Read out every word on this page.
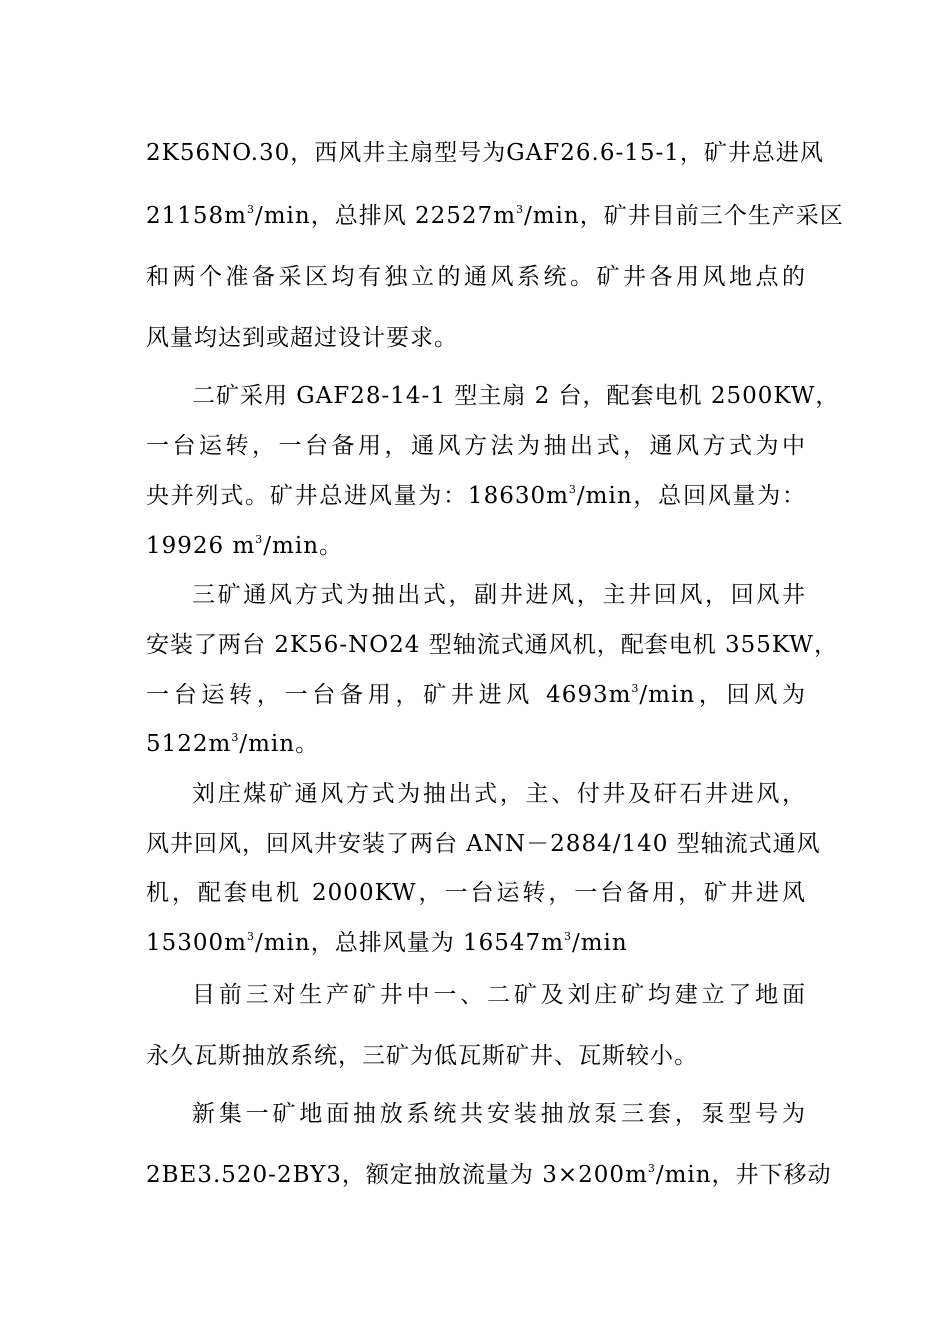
2K56NO.30，西风井主扇型号为GAF26.6-15-1，矿井总进风
$21158m^3/\min$，总排风 $22527m^3/\min$，矿井目前三个生产采区
和两个准备采区均有独立的通风系统。矿井各用风地点的
风量均达到或超过设计要求。
二矿采用 GAF28-14-1 型主扇 2 台，配套电机 2500KW，
一台运转，一台备用，通风方法为抽出式，通风方式为中
央并列式。矿井总进风量为：$18630m^3/\min$，总回风量为：
19926 $m^3/\min$。
三矿通风方式为抽出式，副井进风，主井回风，回风井
安装了两台 2K56-NO24 型轴流式通风机，配套电机 355KW，
一台运转，一台备用，矿井进风 $4693m^3/\min$，回风为
$5122m^3/\min$。
刘庄煤矿通风方式为抽出式，主、付井及矸石井进风，
风井回风，回风井安装了两台 ANN－2884/140 型轴流式通风
机，配套电机 2000KW，一台运转，一台备用，矿井进风
$15300m^3/\min$，总排风量为 $16547m^3/\min$
目前三对生产矿井中一、二矿及刘庄矿均建立了地面
永久瓦斯抽放系统，三矿为低瓦斯矿井、瓦斯较小。
新集一矿地面抽放系统共安装抽放泵三套，泵型号为
2BE3.520-2BY3，额定抽放流量为 $3\times 200m^3/\min$，井下移动
